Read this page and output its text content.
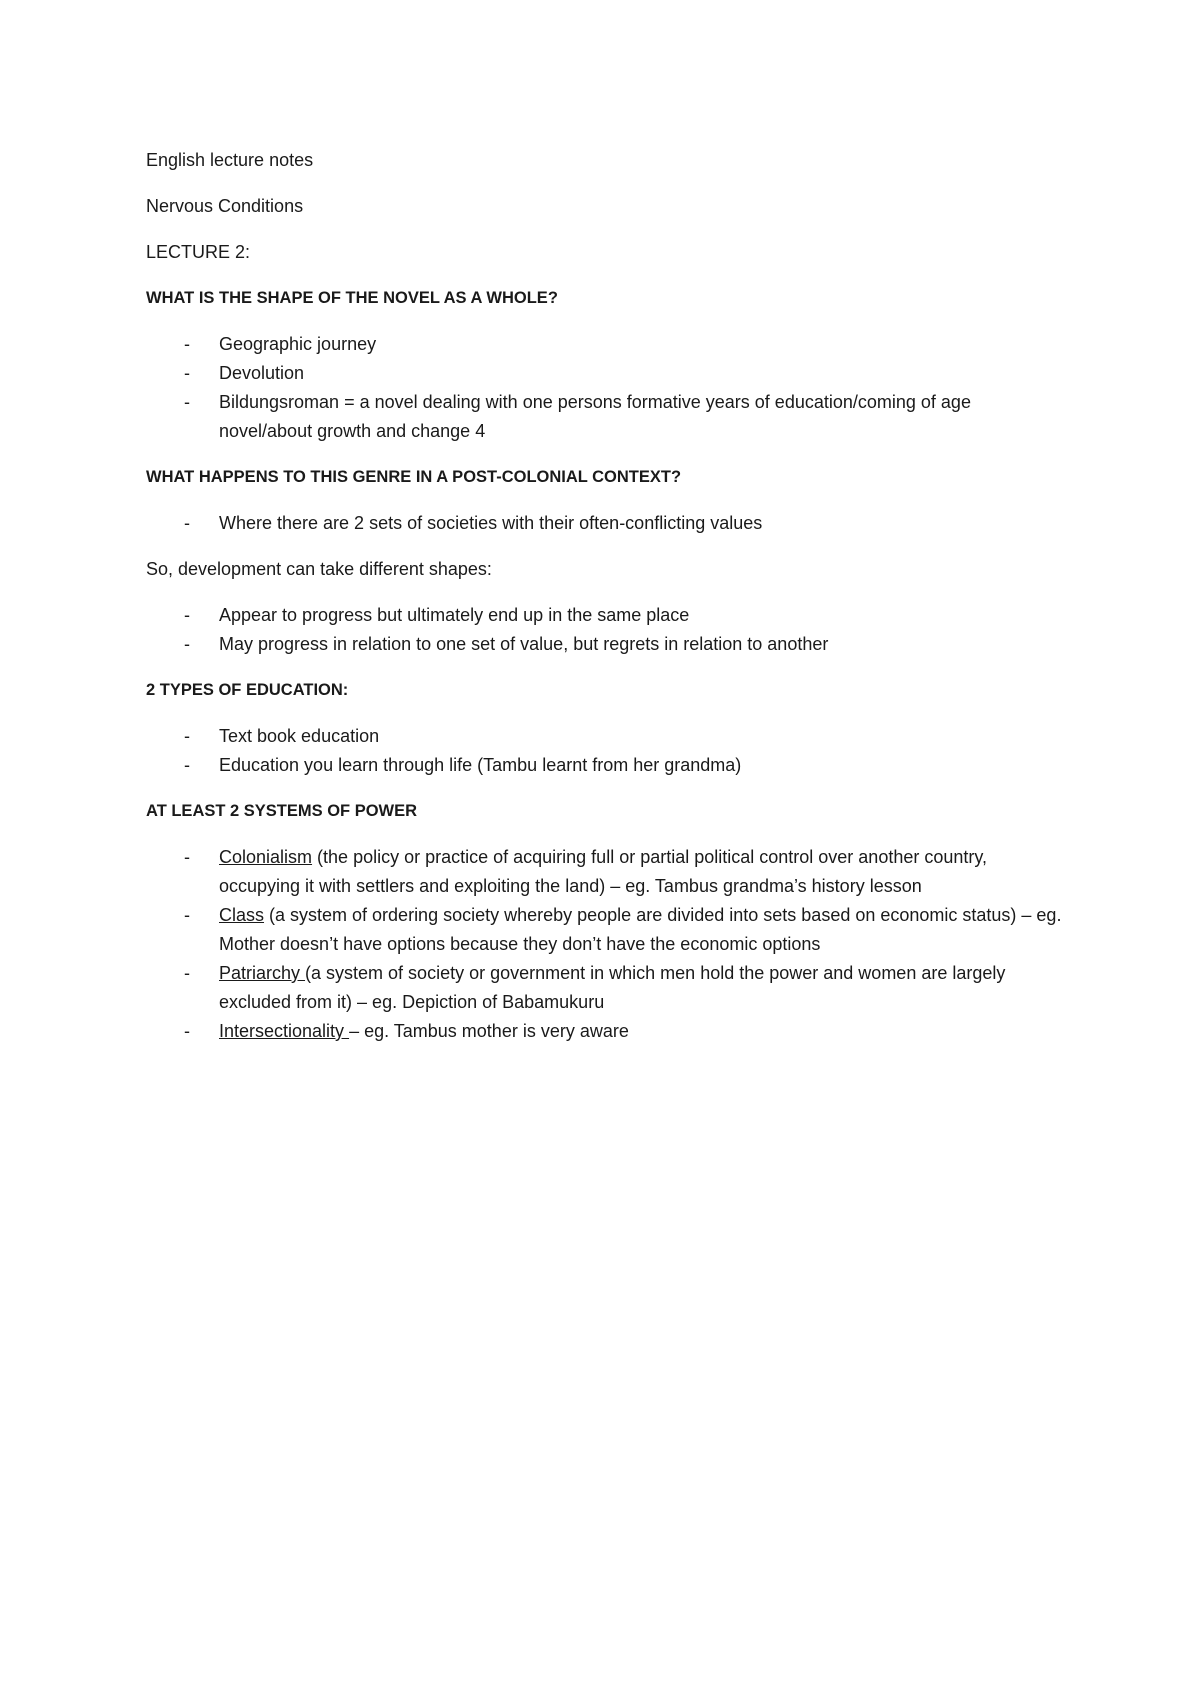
English lecture notes

Nervous Conditions

LECTURE 2:

WHAT IS THE SHAPE OF THE NOVEL AS A WHOLE?

- Geographic journey
- Devolution
- Bildungsroman = a novel dealing with one persons formative years of education/coming of age novel/about growth and change 4

WHAT HAPPENS TO THIS GENRE IN A POST-COLONIAL CONTEXT?

- Where there are 2 sets of societies with their often-conflicting values

So, development can take different shapes:

- Appear to progress but ultimately end up in the same place
- May progress in relation to one set of value, but regrets in relation to another

2 TYPES OF EDUCATION:

- Text book education
- Education you learn through life (Tambu learnt from her grandma)

AT LEAST 2 SYSTEMS OF POWER

- Colonialism (the policy or practice of acquiring full or partial political control over another country, occupying it with settlers and exploiting the land) – eg. Tambus grandma’s history lesson
- Class (a system of ordering society whereby people are divided into sets based on economic status) – eg. Mother doesn’t have options because they don’t have the economic options
- Patriarchy (a system of society or government in which men hold the power and women are largely excluded from it) – eg. Depiction of Babamukuru
- Intersectionality – eg. Tambus mother is very aware
